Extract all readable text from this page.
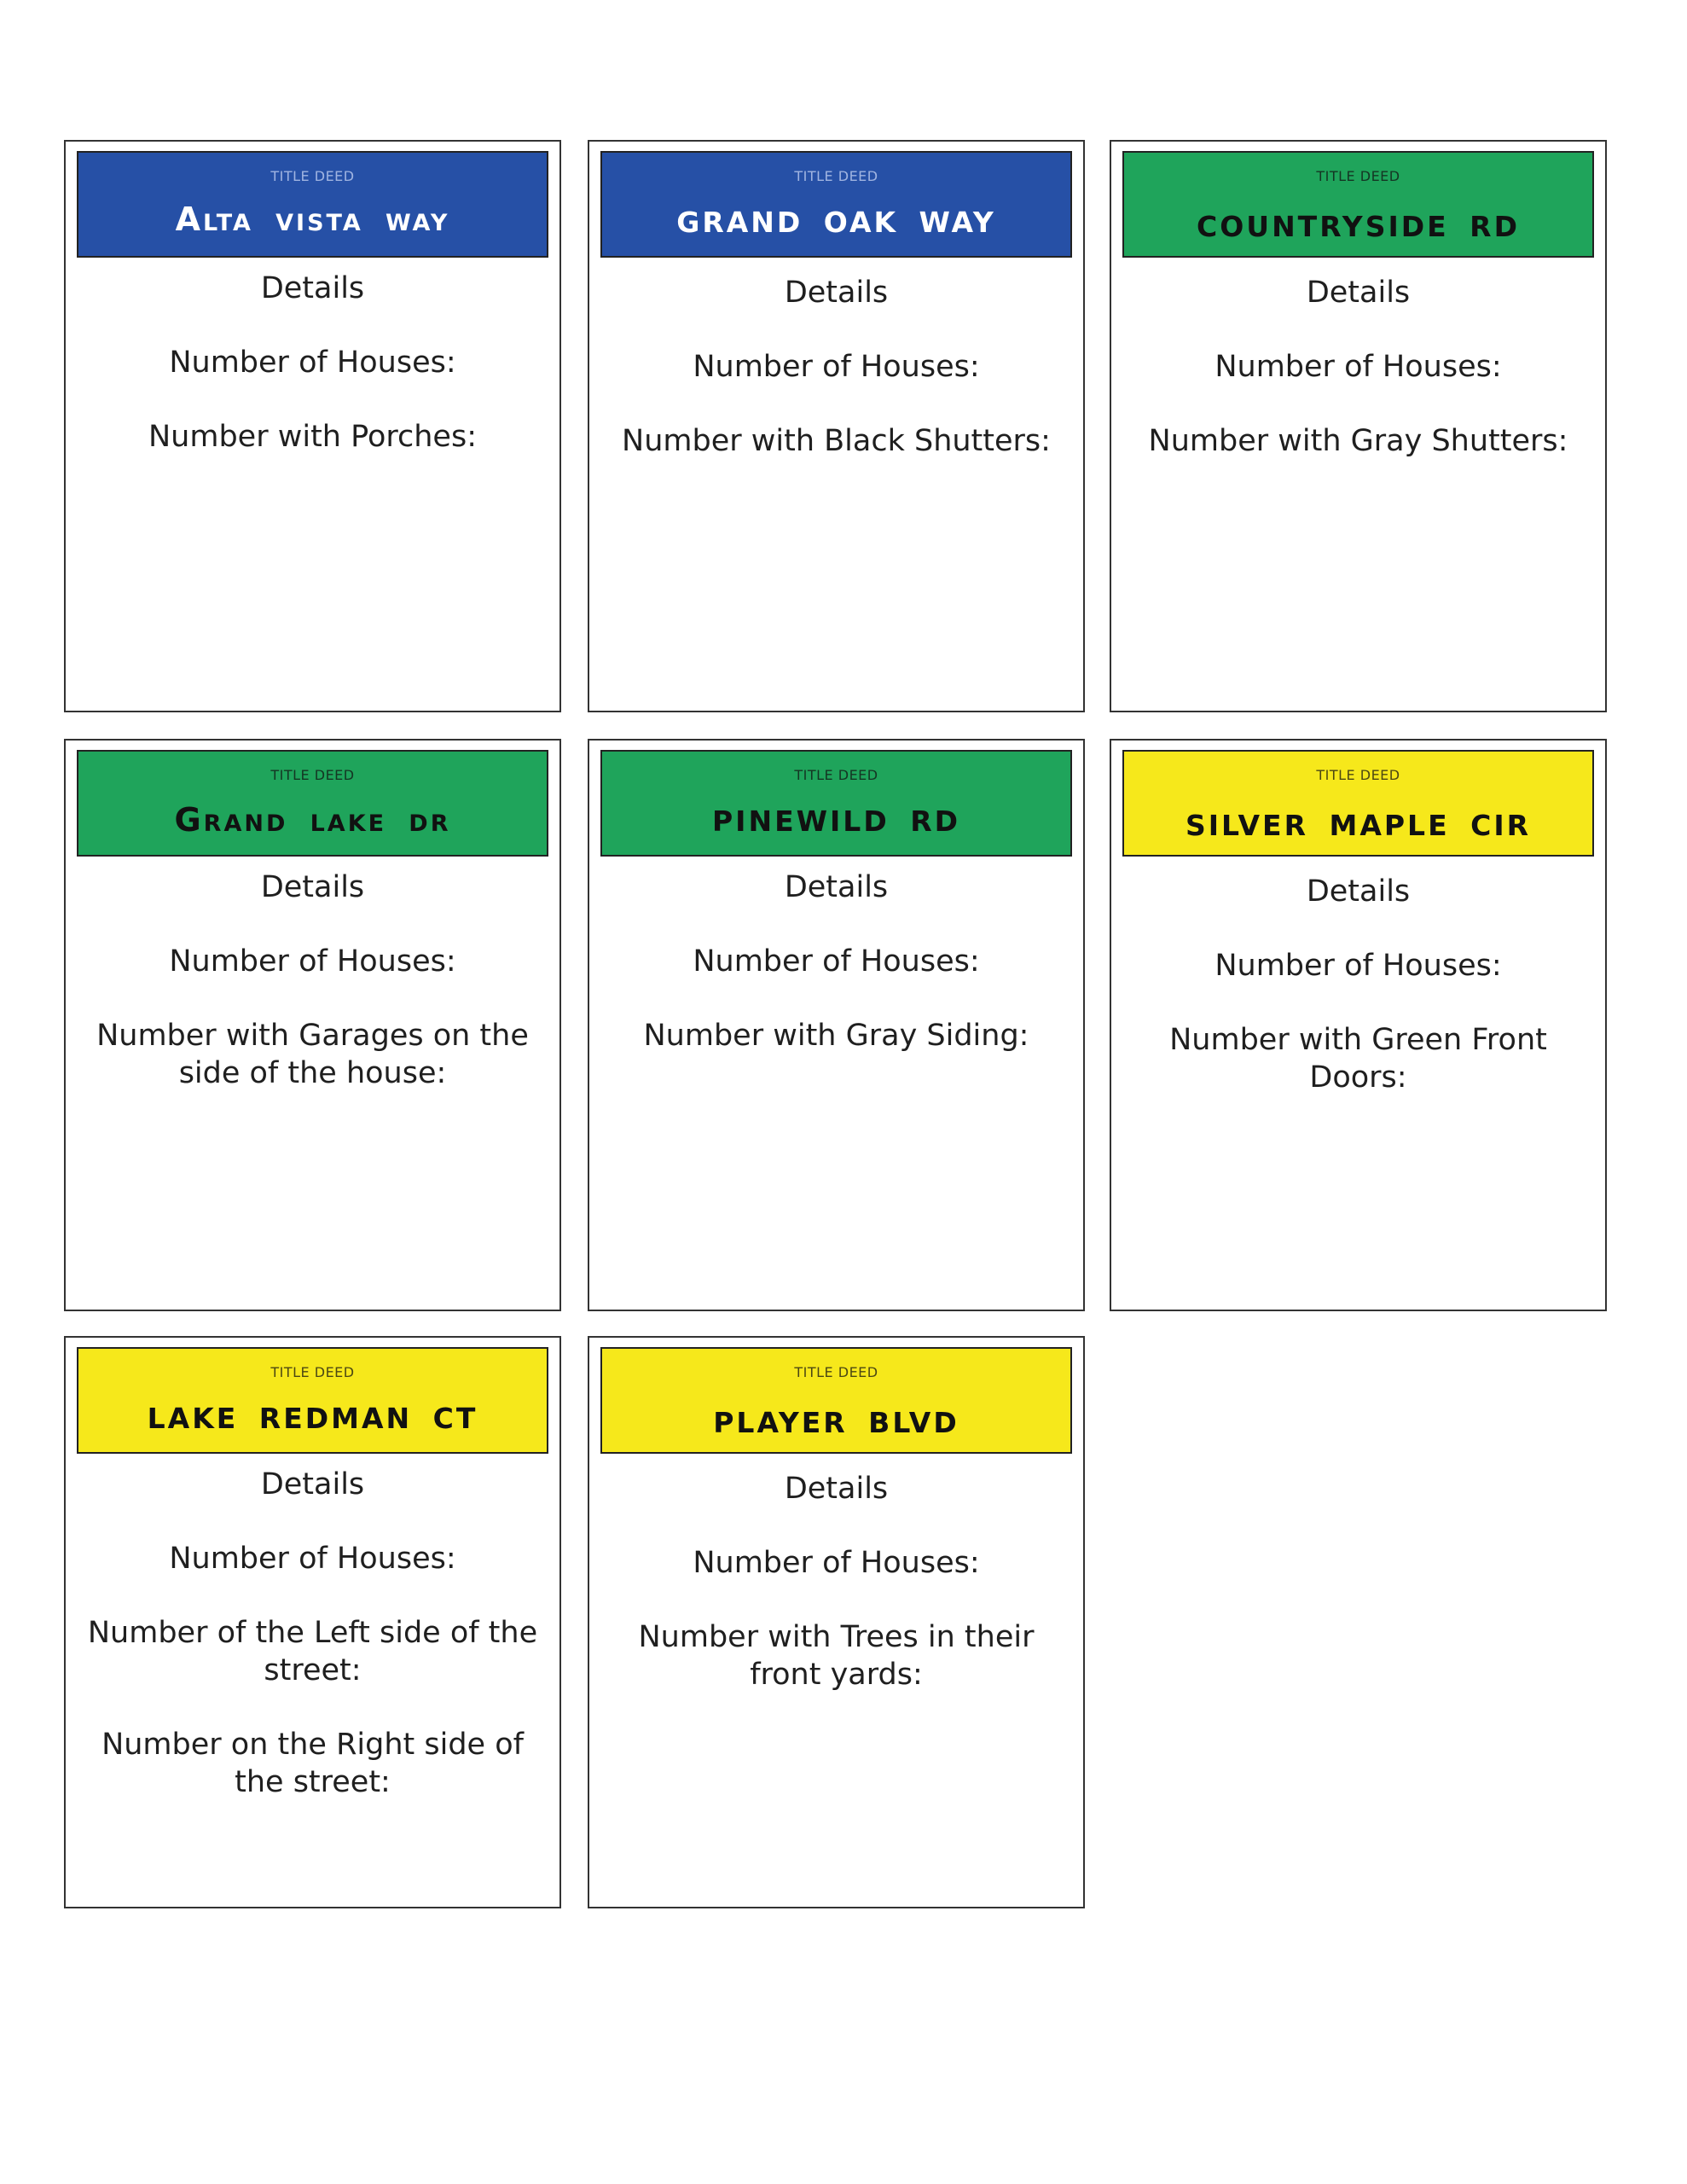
TITLE DEED
Alta vista way

Details

Number of Houses:

Number with Porches:

TITLE DEED
GRAND OAK WAY

Details

Number of Houses:

Number with Black Shutters:

TITLE DEED
COUNTRYSIDE RD

Details

Number of Houses:

Number with Gray Shutters:

TITLE DEED
Grand lake dr

Details

Number of Houses:

Number with Garages on the side of the house:

TITLE DEED
PINEWILD RD

Details

Number of Houses:

Number with Gray Siding:

TITLE DEED
SILVER MAPLE CIR

Details

Number of Houses:

Number with Green Front Doors:

TITLE DEED
LAKE REDMAN CT

Details

Number of Houses:

Number of the Left side of the street:

Number on the Right side of the street:

TITLE DEED
PLAYER BLVD

Details

Number of Houses:

Number with Trees in their front yards:
